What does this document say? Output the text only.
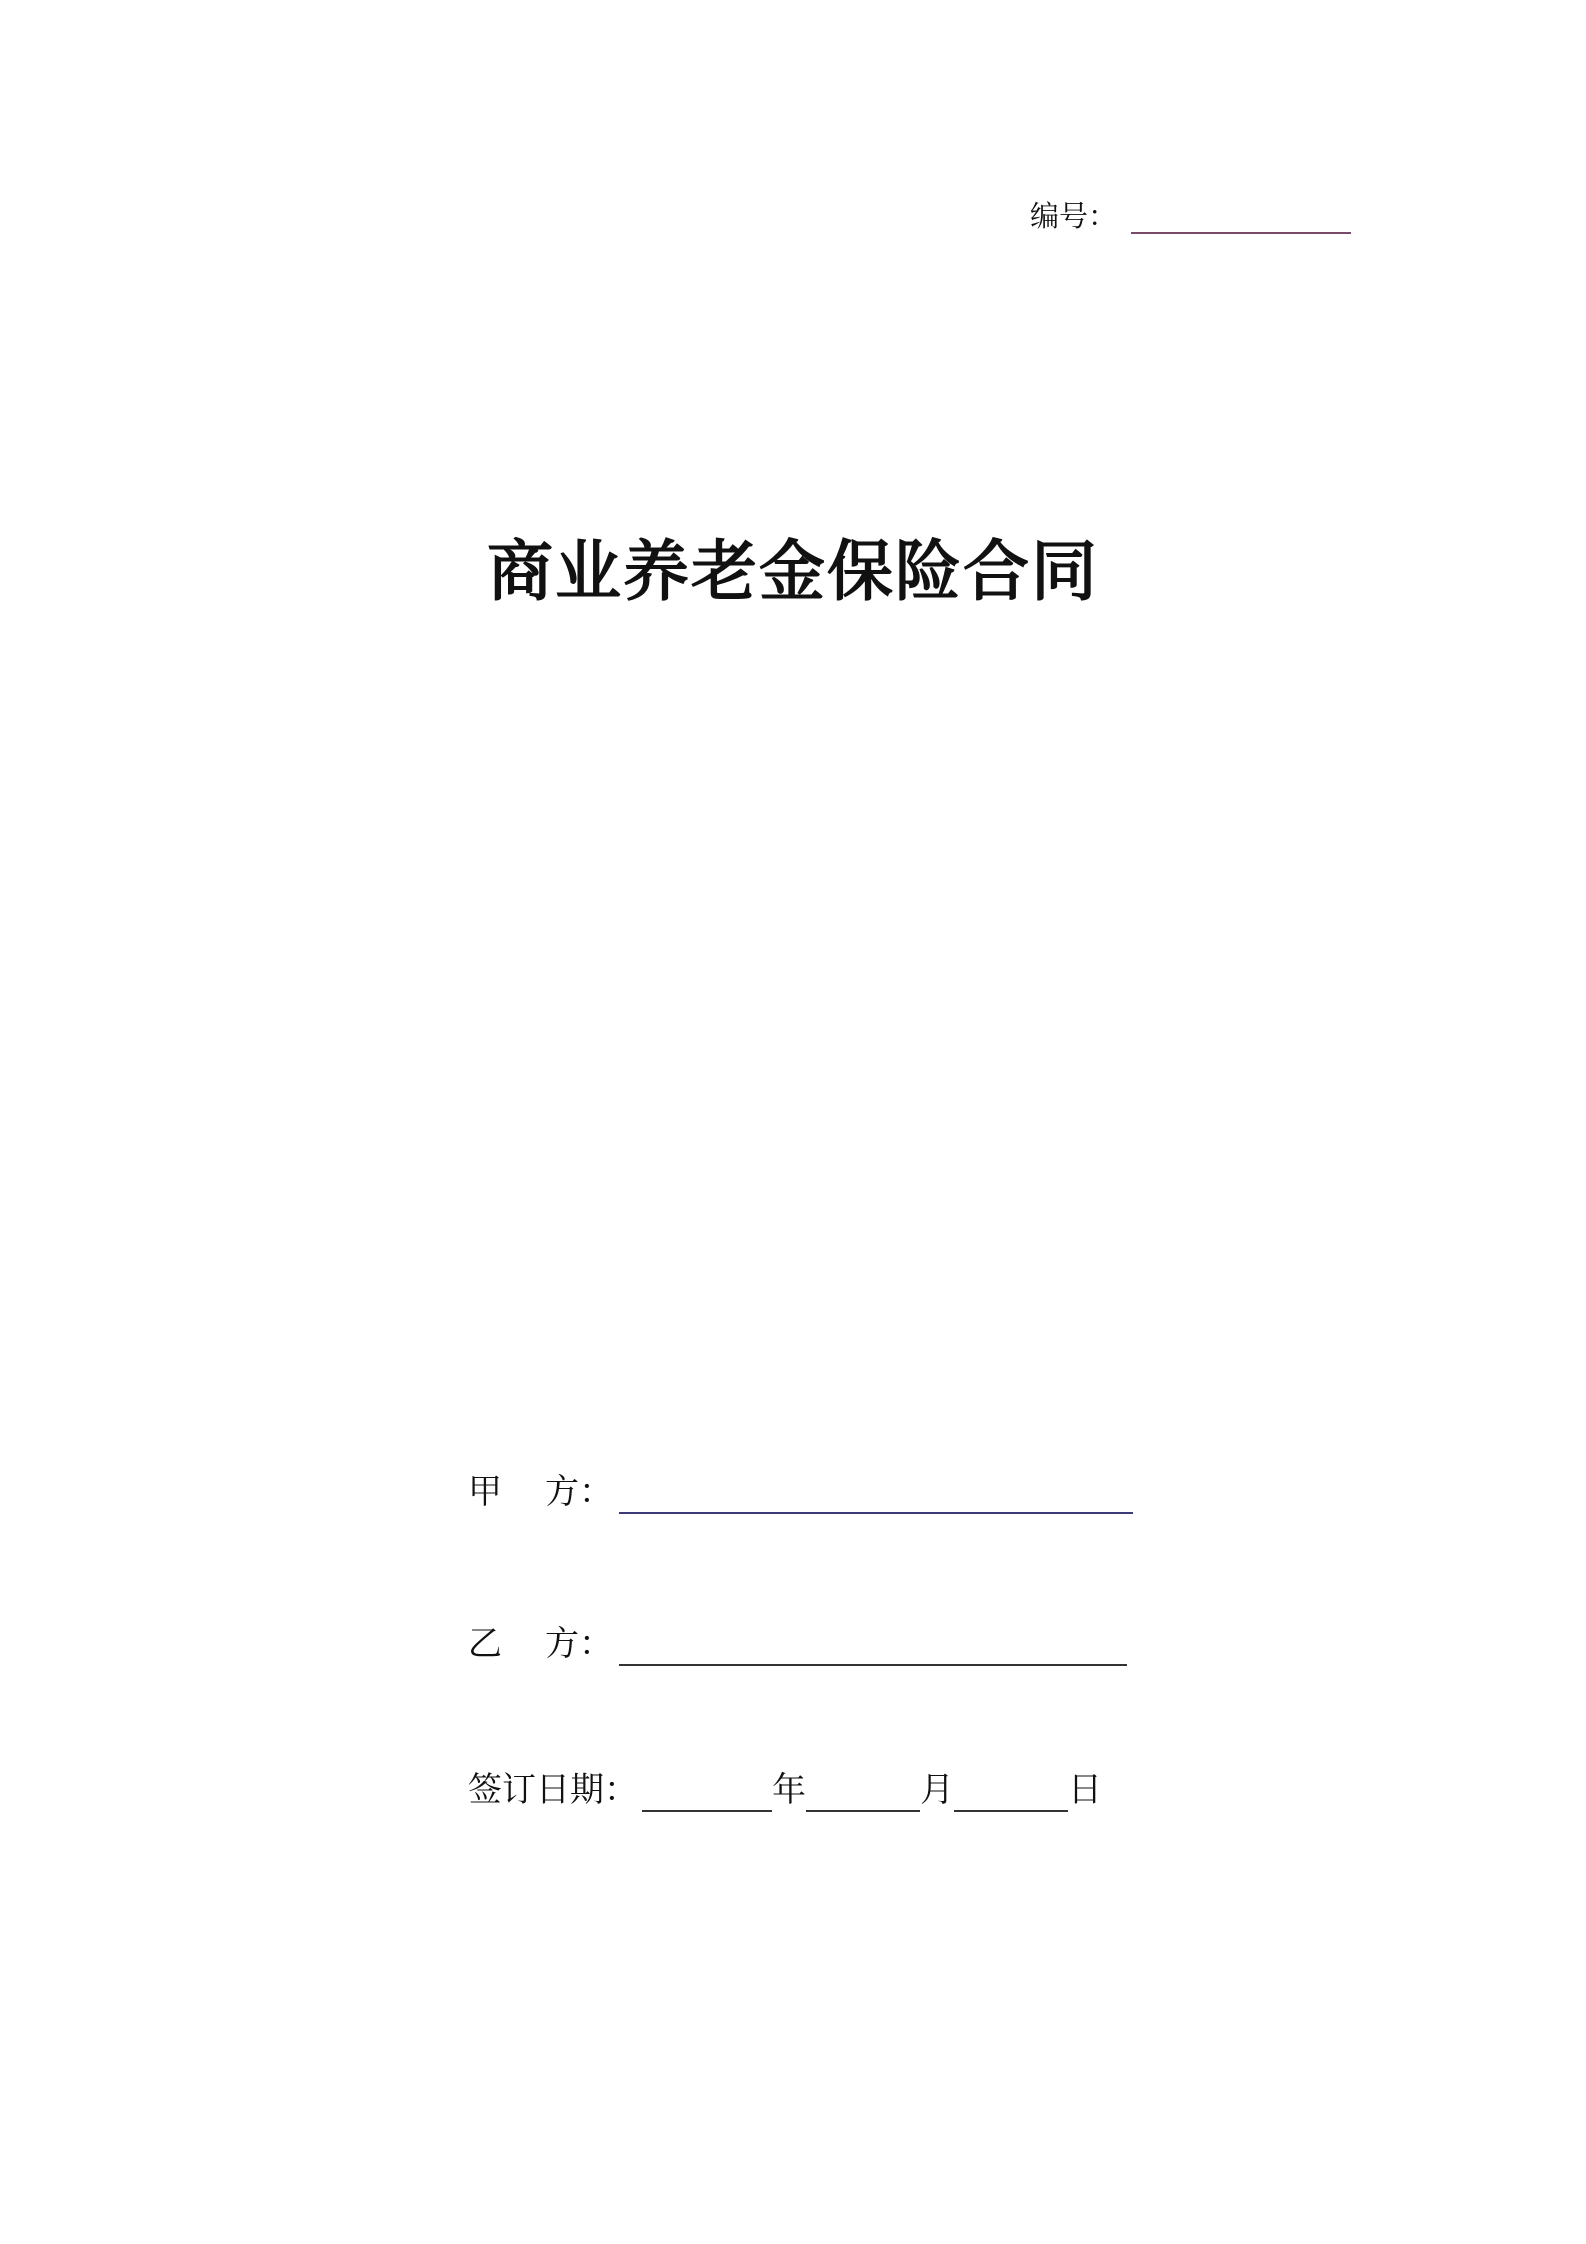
编号：
商业养老金保险合同
甲 方：
乙 方：
签订日期：	年	月	日
